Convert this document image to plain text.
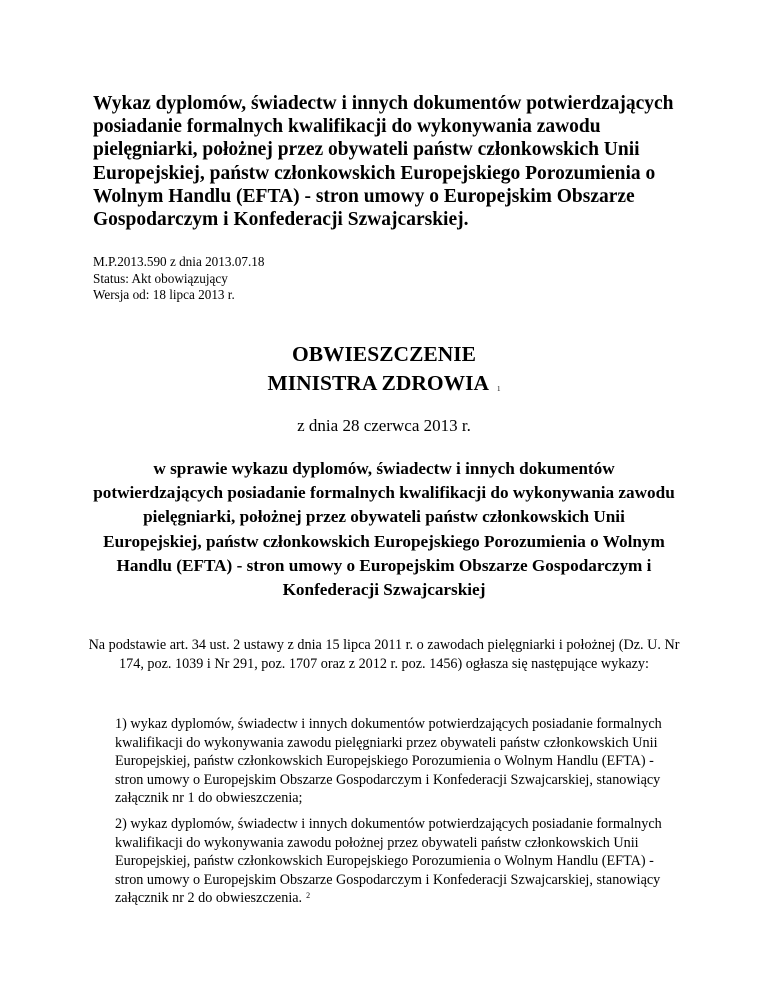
Wykaz dyplomów, świadectw i innych dokumentów potwierdzających posiadanie formalnych kwalifikacji do wykonywania zawodu pielęgniarki, położnej przez obywateli państw członkowskich Unii Europejskiej, państw członkowskich Europejskiego Porozumienia o Wolnym Handlu (EFTA) - stron umowy o Europejskim Obszarze Gospodarczym i Konfederacji Szwajcarskiej.
M.P.2013.590 z dnia 2013.07.18
Status: Akt obowiązujący
Wersja od: 18 lipca 2013 r.
OBWIESZCZENIE
MINISTRA ZDROWIA $^1$
z dnia 28 czerwca 2013 r.

w sprawie wykazu dyplomów, świadectw i innych dokumentów potwierdzających posiadanie formalnych kwalifikacji do wykonywania zawodu pielęgniarki, położnej przez obywateli państw członkowskich Unii Europejskiej, państw członkowskich Europejskiego Porozumienia o Wolnym Handlu (EFTA) - stron umowy o Europejskim Obszarze Gospodarczym i Konfederacji Szwajcarskiej

Na podstawie art. 34 ust. 2 ustawy z dnia 15 lipca 2011 r. o zawodach pielęgniarki i położnej (Dz. U. Nr 174, poz. 1039 i Nr 291, poz. 1707 oraz z 2012 r. poz. 1456) ogłasza się następujące wykazy:
1) wykaz dyplomów, świadectw i innych dokumentów potwierdzających posiadanie formalnych kwalifikacji do wykonywania zawodu pielęgniarki przez obywateli państw członkowskich Unii Europejskiej, państw członkowskich Europejskiego Porozumienia o Wolnym Handlu (EFTA) - stron umowy o Europejskim Obszarze Gospodarczym i Konfederacji Szwajcarskiej, stanowiący załącznik nr 1 do obwieszczenia;
2) wykaz dyplomów, świadectw i innych dokumentów potwierdzających posiadanie formalnych kwalifikacji do wykonywania zawodu położnej przez obywateli państw członkowskich Unii Europejskiej, państw członkowskich Europejskiego Porozumienia o Wolnym Handlu (EFTA) - stron umowy o Europejskim Obszarze Gospodarczym i Konfederacji Szwajcarskiej, stanowiący załącznik nr 2 do obwieszczenia. $^2$
